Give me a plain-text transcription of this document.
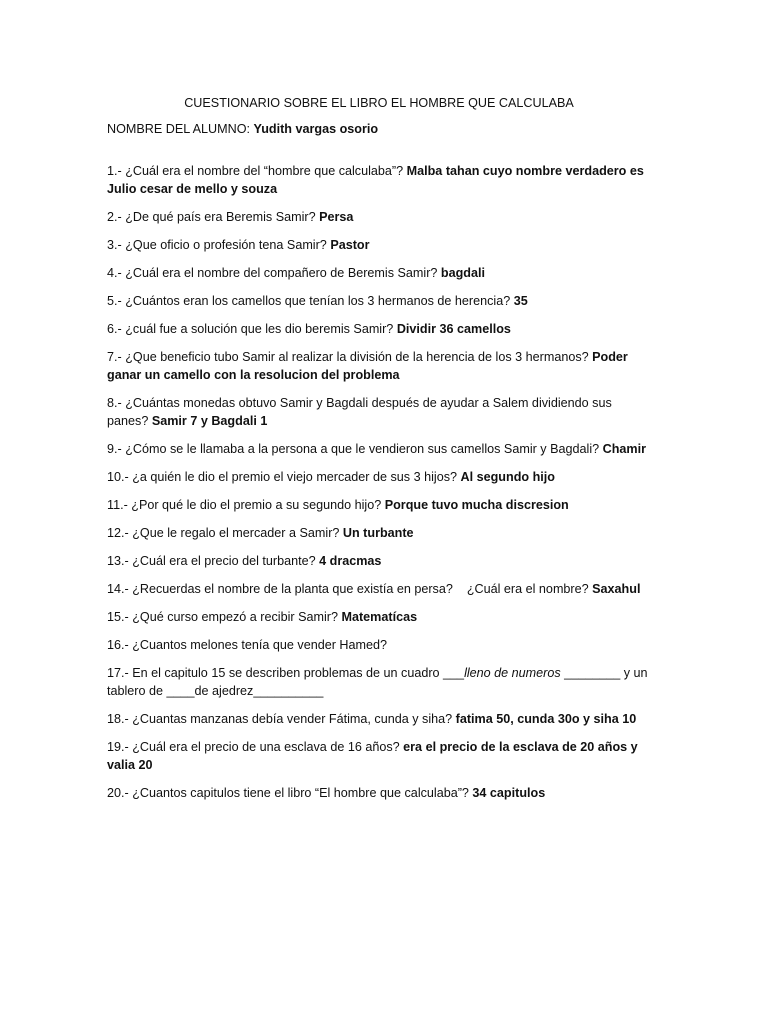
CUESTIONARIO SOBRE EL LIBRO EL HOMBRE QUE CALCULABA
NOMBRE DEL ALUMNO: Yudith vargas osorio
1.- ¿Cuál era el nombre del “hombre que calculaba”? Malba tahan cuyo nombre verdadero es Julio cesar de mello y souza
2.- ¿De qué país era Beremis Samir? Persa
3.- ¿Que oficio o profesión tena Samir? Pastor
4.- ¿Cuál era el nombre del compañero de Beremis Samir? bagdali
5.- ¿Cuántos eran los camellos que tenían los 3 hermanos de herencia? 35
6.- ¿cuál fue a solución que les dio beremis Samir? Dividir 36 camellos
7.- ¿Que beneficio tubo Samir al realizar la división de la herencia de los 3 hermanos? Poder ganar un camello con la resolucion del problema
8.- ¿Cuántas monedas obtuvo Samir y Bagdali después de ayudar a Salem dividiendo sus panes? Samir 7 y Bagdali 1
9.- ¿Cómo se le llamaba a la persona a que le vendieron sus camellos Samir y Bagdali? Chamir
10.- ¿a quién le dio el premio el viejo mercader de sus 3 hijos? Al segundo hijo
11.- ¿Por qué le dio el premio a su segundo hijo? Porque tuvo mucha discresion
12.- ¿Que le regalo el mercader a Samir? Un turbante
13.- ¿Cuál era el precio del turbante? 4 dracmas
14.- ¿Recuerdas el nombre de la planta que existía en persa?    ¿Cuál era el nombre? Saxahul
15.- ¿Qué curso empezó a recibir Samir? Matematícas
16.- ¿Cuantos melones tenía que vender Hamed?
17.- En el capitulo 15 se describen problemas de un cuadro ___lleno de numeros ________ y un tablero de ____de ajedrez__________
18.- ¿Cuantas manzanas debía vender Fátima, cunda y siha? fatima 50, cunda 30o y siha 10
19.- ¿Cuál era el precio de una esclava de 16 años? era el precio de la esclava de 20 años y valia 20
20.- ¿Cuantos capitulos tiene el libro “El hombre que calculaba”? 34 capitulos
